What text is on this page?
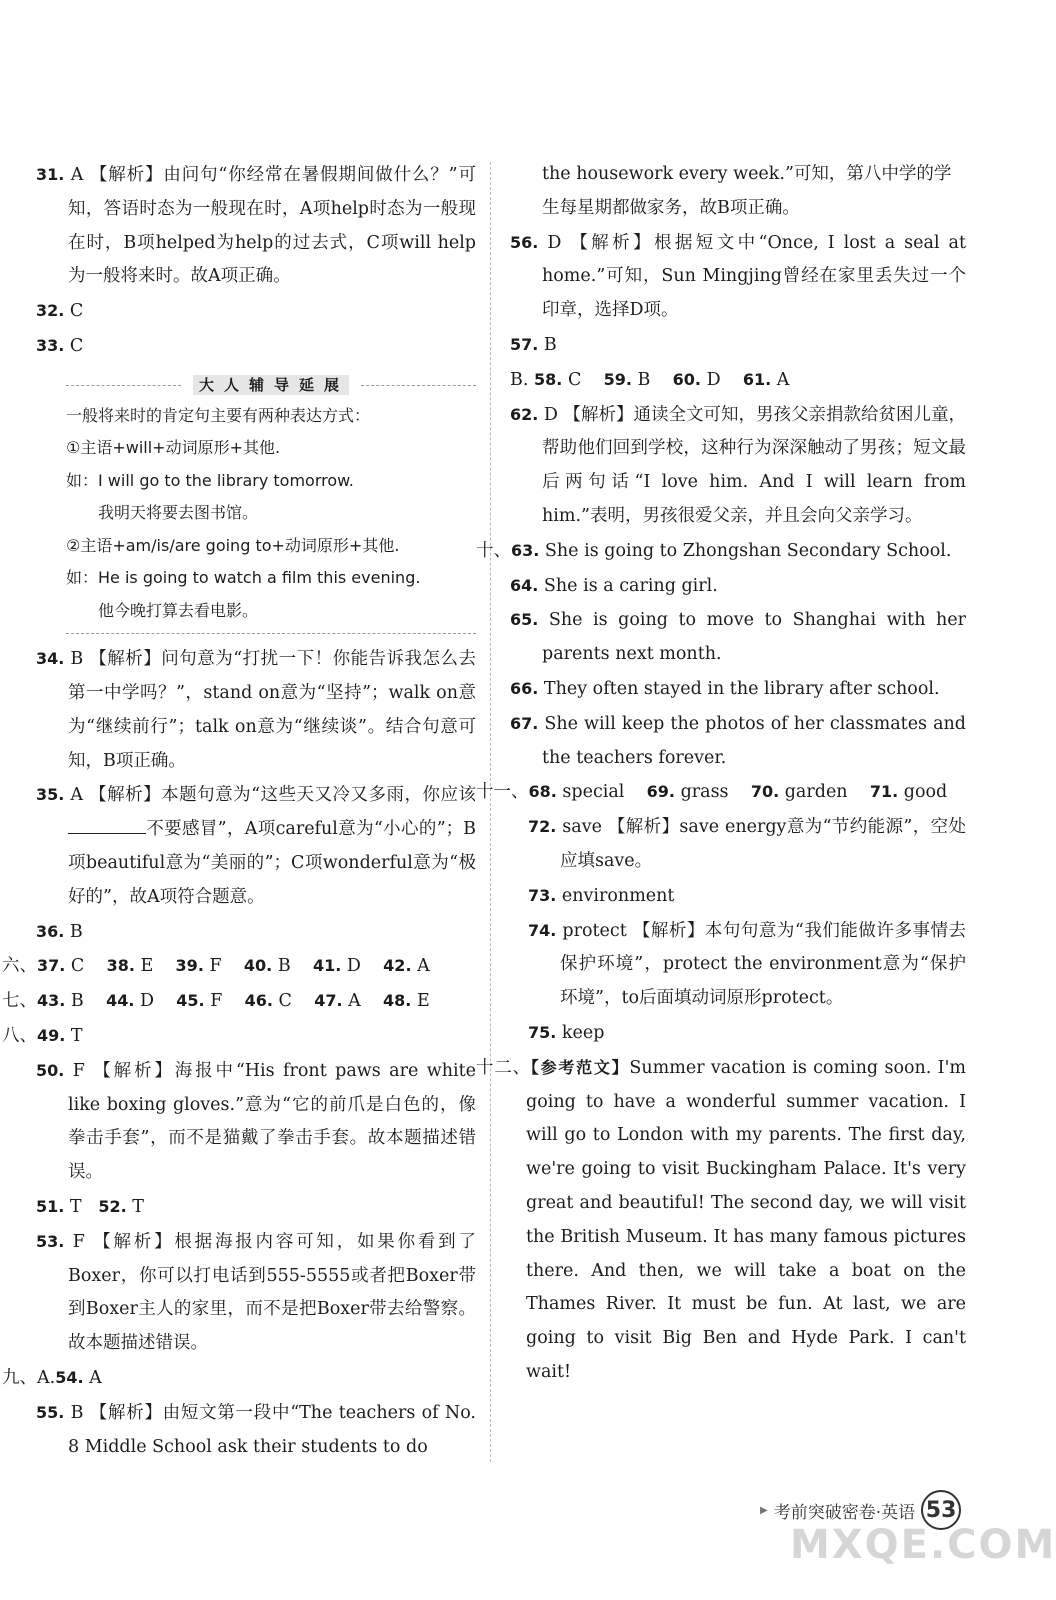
31. A 【解析】由问句“你经常在暑假期间做什么？”可知，答语时态为一般现在时，A项help时态为一般现在时，B项helped为help的过去式，C项will help为一般将来时。故A项正确。

32. C

33. C

大人辅导延展

一般将来时的肯定句主要有两种表达方式：

①主语+will+动词原形+其他.

如：I will go to the library tomorrow.

我明天将要去图书馆。

②主语+am/is/are going to+动词原形+其他.

如：He is going to watch a film this evening.

他今晚打算去看电影。

34. B 【解析】问句意为“打扰一下！你能告诉我怎么去第一中学吗？”，stand on意为“坚持”；walk on意为“继续前行”；talk on意为“继续谈”。结合句意可知，B项正确。

35. A 【解析】本题句意为“这些天又冷又多雨，你应该不要感冒”，A项careful意为“小心的”；B项beautiful意为“美丽的”；C项wonderful意为“极好的”，故A项符合题意。

36. B

六、37. C 38. E 39. F 40. B 41. D 42. A

七、43. B 44. D 45. F 46. C 47. A 48. E

八、49. T

50. F 【解析】海报中“His front paws are white like boxing gloves.”意为“它的前爪是白色的，像拳击手套”，而不是猫戴了拳击手套。故本题描述错误。

51. T 52. T

53. F 【解析】根据海报内容可知，如果你看到了Boxer，你可以打电话到555-5555或者把Boxer带到Boxer主人的家里，而不是把Boxer带去给警察。故本题描述错误。

九、A.54. A

55. B 【解析】由短文第一段中“The teachers of No. 8 Middle School ask their students to do

the housework every week.”可知，第八中学的学生每星期都做家务，故B项正确。

56. D 【解析】根据短文中“Once, I lost a seal at home.”可知，Sun Mingjing曾经在家里丢失过一个印章，选择D项。

57. B

B. 58. C 59. B 60. D 61. A

62. D 【解析】通读全文可知，男孩父亲捐款给贫困儿童，帮助他们回到学校，这种行为深深触动了男孩；短文最后两句话“I love him. And I will learn from him.”表明，男孩很爱父亲，并且会向父亲学习。

十、63. She is going to Zhongshan Secondary School.

64. She is a caring girl.

65. She is going to move to Shanghai with her parents next month.

66. They often stayed in the library after school.

67. She will keep the photos of her classmates and the teachers forever.

十一、68. special 69. grass 70. garden 71. good

72. save 【解析】save energy意为“节约能源”，空处应填save。

73. environment

74. protect 【解析】本句句意为“我们能做许多事情去保护环境”，protect the environment意为“保护环境”，to后面填动词原形protect。

75. keep

十二、【参考范文】Summer vacation is coming soon. I'm going to have a wonderful summer vacation. I will go to London with my parents. The first day, we're going to visit Buckingham Palace. It's very great and beautiful! The second day, we will visit the British Museum. It has many famous pictures there. And then, we will take a boat on the Thames River. It must be fun. At last, we are going to visit Big Ben and Hyde Park. I can't wait!

▶ 考前突破密卷·英语 53
MXQE.COM
